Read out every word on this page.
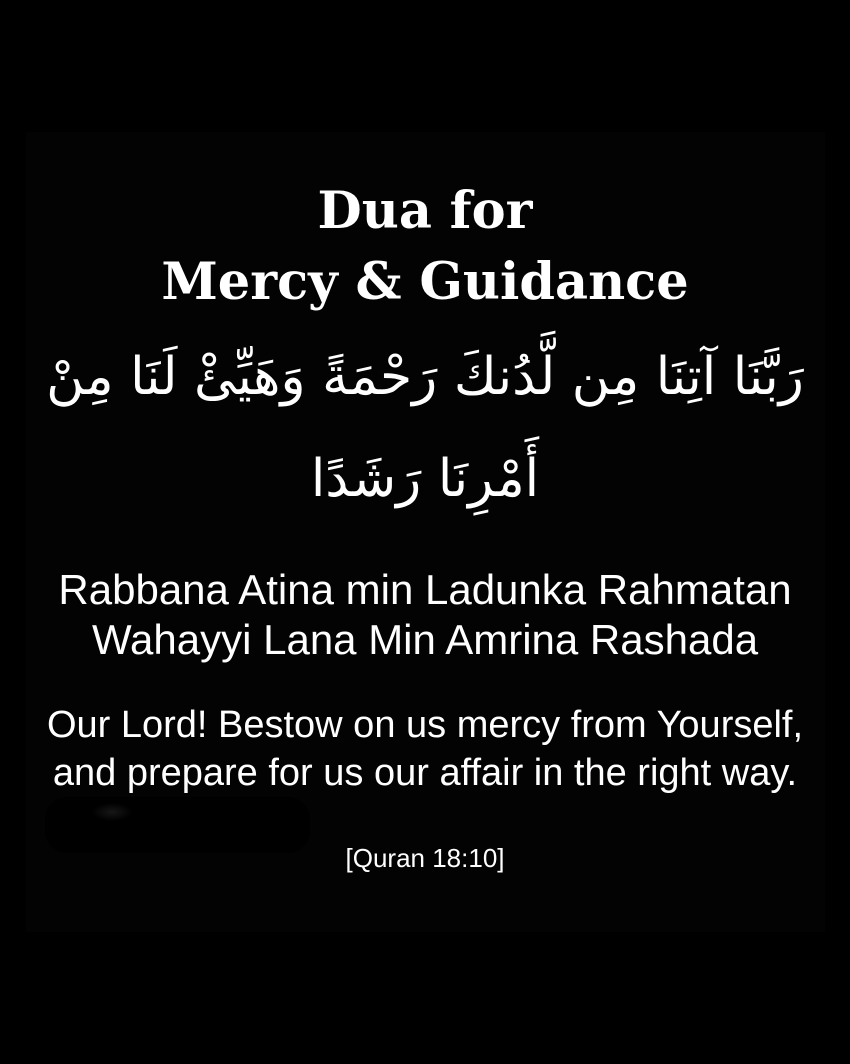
Dua for
Mercy & Guidance
رَبَّنَا آتِنَا مِن لَّدُنكَ رَحْمَةً وَهَيِّئْ لَنَا مِنْ
أَمْرِنَا رَشَدًا
Rabbana Atina min Ladunka Rahmatan
Wahayyi Lana Min Amrina Rashada
Our Lord! Bestow on us mercy from Yourself,
and prepare for us our affair in the right way.
[Quran 18:10]
